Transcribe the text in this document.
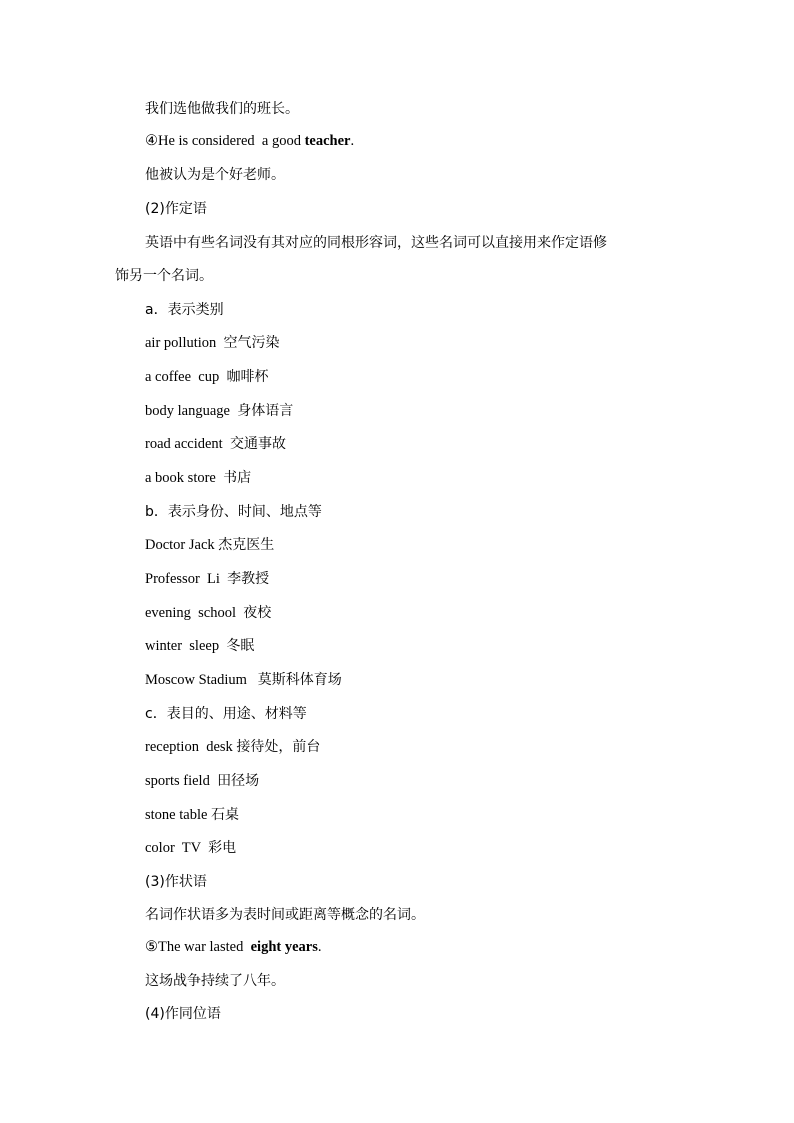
我们选他做我们的班长。
④He is considered  a good teacher.
他被认为是个好老师。
(2)作定语
英语中有些名词没有其对应的同根形容词，这些名词可以直接用来作定语修
饰另一个名词。
a．表示类别
air pollution  空气污染
a coffee  cup  咖啡杯
body language  身体语言
road accident  交通事故
a book store  书店
b．表示身份、时间、地点等
Doctor Jack 杰克医生
Professor  Li  李教授
evening  school  夜校
winter  sleep  冬眠
Moscow Stadium   莫斯科体育场
c．表目的、用途、材料等
reception  desk 接待处，前台
sports field  田径场
stone table 石桌
color  TV  彩电
(3)作状语
名词作状语多为表时间或距离等概念的名词。
⑤The war lasted  eight years.
这场战争持续了八年。
(4)作同位语
